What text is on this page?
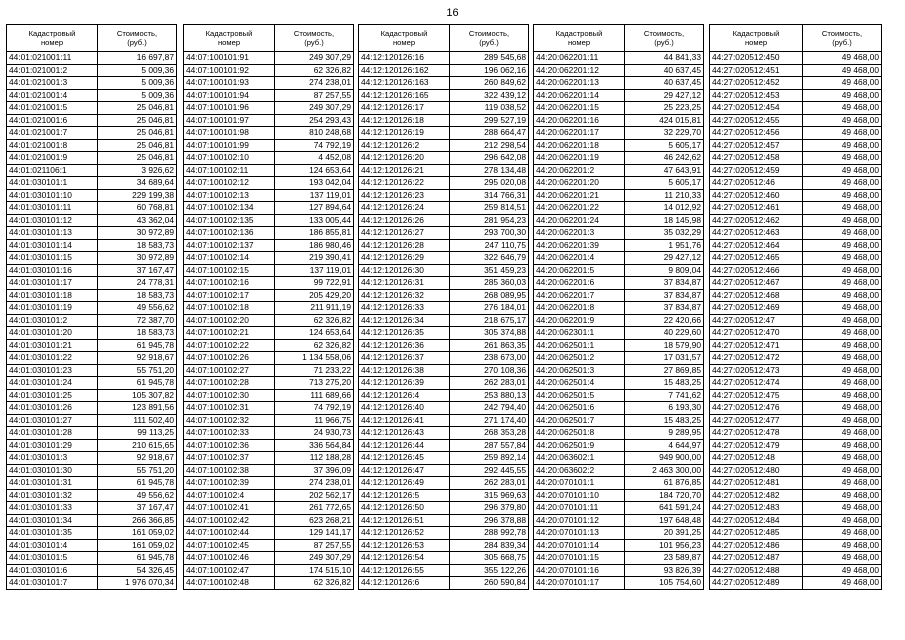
16
Кадастровый
номер	Стоимость,
(руб.)

44:01:021001:11	16 697,87
44:01:021001:2	5 009,36
44:01:021001:3	5 009,36
44:01:021001:4	5 009,36
44:01:021001:5	25 046,81
44:01:021001:6	25 046,81
44:01:021001:7	25 046,81
44:01:021001:8	25 046,81
44:01:021001:9	25 046,81
44:01:021106:1	3 926,62
44:01:030101:1	34 689,64
44:01:030101:10	229 199,38
44:01:030101:11	60 768,81
44:01:030101:12	43 362,04
44:01:030101:13	30 972,89
44:01:030101:14	18 583,73
44:01:030101:15	30 972,89
44:01:030101:16	37 167,47
44:01:030101:17	24 778,31
44:01:030101:18	18 583,73
44:01:030101:19	49 556,62
44:01:030101:2	72 387,70
44:01:030101:20	18 583,73
44:01:030101:21	61 945,78
44:01:030101:22	92 918,67
44:01:030101:23	55 751,20
44:01:030101:24	61 945,78
44:01:030101:25	105 307,82
44:01:030101:26	123 891,56
44:01:030101:27	111 502,40
44:01:030101:28	99 113,25
44:01:030101:29	210 615,65
44:01:030101:3	92 918,67
44:01:030101:30	55 751,20
44:01:030101:31	61 945,78
44:01:030101:32	49 556,62
44:01:030101:33	37 167,47
44:01:030101:34	266 366,85
44:01:030101:35	161 059,02
44:01:030101:4	161 059,02
44:01:030101:5	61 945,78
44:01:030101:6	54 326,45
44:01:030101:7	1 976 070,34
Кадастровый
номер	Стоимость,
(руб.)

44:07:100101:91	249 307,29
44:07:100101:92	62 326,82
44:07:100101:93	274 238,01
44:07:100101:94	87 257,55
44:07:100101:96	249 307,29
44:07:100101:97	254 293,43
44:07:100101:98	810 248,68
44:07:100101:99	74 792,19
44:07:100102:10	4 452,08
44:07:100102:11	124 653,64
44:07:100102:12	193 042,04
44:07:100102:13	137 119,01
44:07:100102:134	127 894,64
44:07:100102:135	133 005,44
44:07:100102:136	186 855,81
44:07:100102:137	186 980,46
44:07:100102:14	219 390,41
44:07:100102:15	137 119,01
44:07:100102:16	99 722,91
44:07:100102:17	205 429,20
44:07:100102:18	211 911,19
44:07:100102:20	62 326,82
44:07:100102:21	124 653,64
44:07:100102:22	62 326,82
44:07:100102:26	1 134 558,06
44:07:100102:27	71 233,22
44:07:100102:28	713 275,20
44:07:100102:30	111 689,66
44:07:100102:31	74 792,19
44:07:100102:32	11 966,75
44:07:100102:33	24 930,73
44:07:100102:36	336 564,84
44:07:100102:37	112 188,28
44:07:100102:38	37 396,09
44:07:100102:39	274 238,01
44:07:100102:4	202 562,17
44:07:100102:41	261 772,65
44:07:100102:42	623 268,21
44:07:100102:44	129 141,17
44:07:100102:45	87 257,55
44:07:100102:46	249 307,29
44:07:100102:47	174 515,10
44:07:100102:48	62 326,82
Кадастровый
номер	Стоимость,
(руб.)

44:12:120126:16	289 545,68
44:12:120126:162	196 062,16
44:12:120126:163	260 849,62
44:12:120126:165	322 439,12
44:12:120126:17	119 038,52
44:12:120126:18	299 527,19
44:12:120126:19	288 664,47
44:12:120126:2	212 298,54
44:12:120126:20	296 642,08
44:12:120126:21	278 134,48
44:12:120126:22	295 020,08
44:12:120126:23	314 766,31
44:12:120126:24	259 814,51
44:12:120126:26	281 954,23
44:12:120126:27	293 700,30
44:12:120126:28	247 110,75
44:12:120126:29	322 646,79
44:12:120126:30	351 459,23
44:12:120126:31	285 360,03
44:12:120126:32	268 089,95
44:12:120126:33	276 184,01
44:12:120126:34	218 675,17
44:12:120126:35	305 374,88
44:12:120126:36	261 863,35
44:12:120126:37	238 673,00
44:12:120126:38	270 108,36
44:12:120126:39	262 283,01
44:12:120126:4	253 880,13
44:12:120126:40	242 794,40
44:12:120126:41	271 174,40
44:12:120126:43	268 353,28
44:12:120126:44	287 557,84
44:12:120126:45	259 892,14
44:12:120126:47	292 445,55
44:12:120126:49	262 283,01
44:12:120126:5	315 969,63
44:12:120126:50	296 379,80
44:12:120126:51	296 378,88
44:12:120126:52	288 992,78
44:12:120126:53	284 839,34
44:12:120126:54	305 668,75
44:12:120126:55	355 122,26
44:12:120126:6	260 590,84
Кадастровый
номер	Стоимость,
(руб.)

44:20:062201:11	44 841,33
44:20:062201:12	40 637,45
44:20:062201:13	40 637,45
44:20:062201:14	29 427,12
44:20:062201:15	25 223,25
44:20:062201:16	424 015,81
44:20:062201:17	32 229,70
44:20:062201:18	5 605,17
44:20:062201:19	46 242,62
44:20:062201:2	47 643,91
44:20:062201:20	5 605,17
44:20:062201:21	11 210,33
44:20:062201:22	14 012,92
44:20:062201:24	18 145,98
44:20:062201:3	35 032,29
44:20:062201:39	1 951,76
44:20:062201:4	29 427,12
44:20:062201:5	9 809,04
44:20:062201:6	37 834,87
44:20:062201:7	37 834,87
44:20:062201:8	37 834,87
44:20:062201:9	22 420,66
44:20:062301:1	40 229,60
44:20:062501:1	18 579,90
44:20:062501:2	17 031,57
44:20:062501:3	27 869,85
44:20:062501:4	15 483,25
44:20:062501:5	7 741,62
44:20:062501:6	6 193,30
44:20:062501:7	15 483,25
44:20:062501:8	9 289,95
44:20:062501:9	4 644,97
44:20:063602:1	949 900,00
44:20:063602:2	2 463 300,00
44:20:070101:1	61 876,85
44:20:070101:10	184 720,70
44:20:070101:11	641 591,24
44:20:070101:12	197 648,48
44:20:070101:13	20 391,25
44:20:070101:14	101 956,23
44:20:070101:15	23 589,87
44:20:070101:16	93 826,39
44:20:070101:17	105 754,60
Кадастровый
номер	Стоимость,
(руб.)

44:27:020512:450	49 468,00
44:27:020512:451	49 468,00
44:27:020512:452	49 468,00
44:27:020512:453	49 468,00
44:27:020512:454	49 468,00
44:27:020512:455	49 468,00
44:27:020512:456	49 468,00
44:27:020512:457	49 468,00
44:27:020512:458	49 468,00
44:27:020512:459	49 468,00
44:27:020512:46	49 468,00
44:27:020512:460	49 468,00
44:27:020512:461	49 468,00
44:27:020512:462	49 468,00
44:27:020512:463	49 468,00
44:27:020512:464	49 468,00
44:27:020512:465	49 468,00
44:27:020512:466	49 468,00
44:27:020512:467	49 468,00
44:27:020512:468	49 468,00
44:27:020512:469	49 468,00
44:27:020512:47	49 468,00
44:27:020512:470	49 468,00
44:27:020512:471	49 468,00
44:27:020512:472	49 468,00
44:27:020512:473	49 468,00
44:27:020512:474	49 468,00
44:27:020512:475	49 468,00
44:27:020512:476	49 468,00
44:27:020512:477	49 468,00
44:27:020512:478	49 468,00
44:27:020512:479	49 468,00
44:27:020512:48	49 468,00
44:27:020512:480	49 468,00
44:27:020512:481	49 468,00
44:27:020512:482	49 468,00
44:27:020512:483	49 468,00
44:27:020512:484	49 468,00
44:27:020512:485	49 468,00
44:27:020512:486	49 468,00
44:27:020512:487	49 468,00
44:27:020512:488	49 468,00
44:27:020512:489	49 468,00
